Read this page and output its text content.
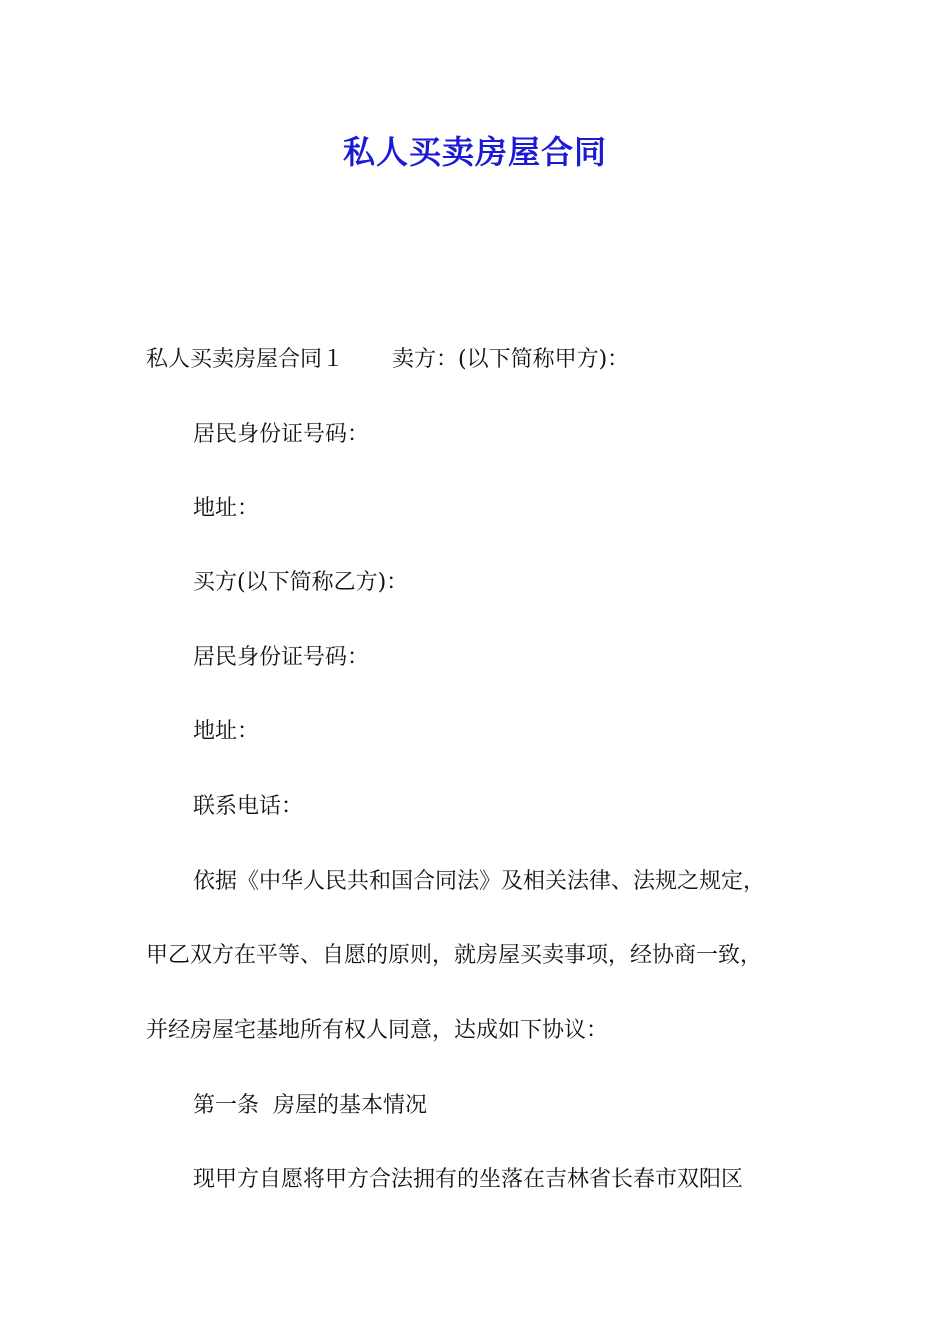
私人买卖房屋合同
私人买卖房屋合同１ 卖方：(以下简称甲方)：
居民身份证号码：
地址：
买方(以下简称乙方)：
居民身份证号码：
地址：
联系电话：
依据《中华人民共和国合同法》及相关法律、法规之规定，
甲乙双方在平等、自愿的原则，就房屋买卖事项，经协商一致，
并经房屋宅基地所有权人同意，达成如下协议：
第一条  房屋的基本情况
现甲方自愿将甲方合法拥有的坐落在吉林省长春市双阳区
